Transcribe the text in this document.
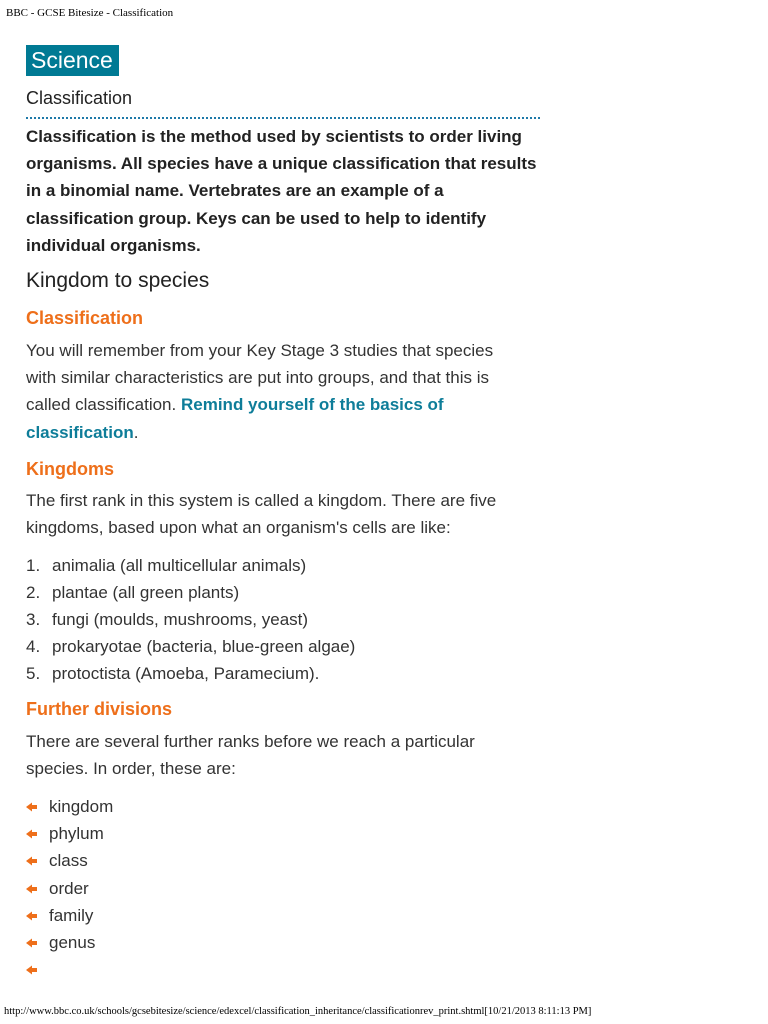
BBC - GCSE Bitesize - Classification
Science
Classification

Classification is the method used by scientists to order living organisms. All species have a unique classification that results in a binomial name. Vertebrates are an example of a classification group. Keys can be used to help to identify individual organisms.

Kingdom to species
Classification

You will remember from your Key Stage 3 studies that species with similar characteristics are put into groups, and that this is called classification. Remind yourself of the basics of classification.

Kingdoms

The first rank in this system is called a kingdom. There are five kingdoms, based upon what an organism's cells are like:

1. animalia (all multicellular animals)
2. plantae (all green plants)
3. fungi (moulds, mushrooms, yeast)
4. prokaryotae (bacteria, blue-green algae)
5. protoctista (Amoeba, Paramecium).
Further divisions

There are several further ranks before we reach a particular species. In order, these are:

kingdom
phylum
class
order
family
genus
http://www.bbc.co.uk/schools/gcsebitesize/science/edexcel/classification_inheritance/classificationrev_print.shtml[10/21/2013 8:11:13 PM]
